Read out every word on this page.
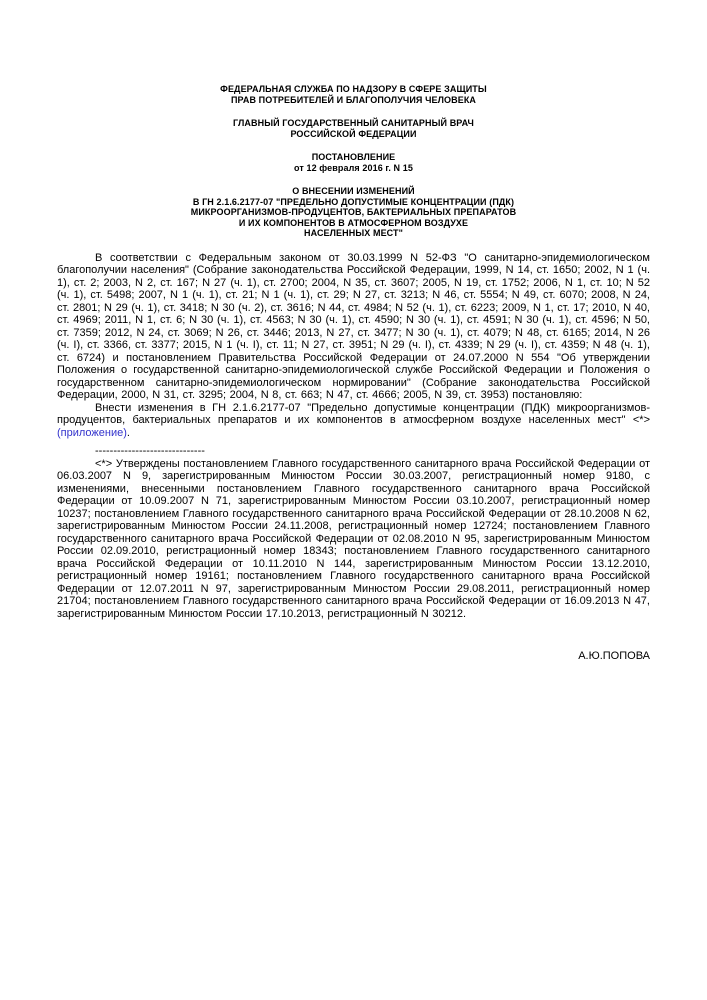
ФЕДЕРАЛЬНАЯ СЛУЖБА ПО НАДЗОРУ В СФЕРЕ ЗАЩИТЫ
ПРАВ ПОТРЕБИТЕЛЕЙ И БЛАГОПОЛУЧИЯ ЧЕЛОВЕКА
ГЛАВНЫЙ ГОСУДАРСТВЕННЫЙ САНИТАРНЫЙ ВРАЧ
РОССИЙСКОЙ ФЕДЕРАЦИИ
ПОСТАНОВЛЕНИЕ
от 12 февраля 2016 г. N 15
О ВНЕСЕНИИ ИЗМЕНЕНИЙ
В ГН 2.1.6.2177-07 "ПРЕДЕЛЬНО ДОПУСТИМЫЕ КОНЦЕНТРАЦИИ (ПДК)
МИКРООРГАНИЗМОВ-ПРОДУЦЕНТОВ, БАКТЕРИАЛЬНЫХ ПРЕПАРАТОВ
И ИХ КОМПОНЕНТОВ В АТМОСФЕРНОМ ВОЗДУХЕ
НАСЕЛЕННЫХ МЕСТ"

В соответствии с Федеральным законом от 30.03.1999 N 52-ФЗ "О санитарно-эпидемиологическом благополучии населения" (Собрание законодательства Российской Федерации, 1999, N 14, ст. 1650; 2002, N 1 (ч. 1), ст. 2; 2003, N 2, ст. 167; N 27 (ч. 1), ст. 2700; 2004, N 35, ст. 3607; 2005, N 19, ст. 1752; 2006, N 1, ст. 10; N 52 (ч. 1), ст. 5498; 2007, N 1 (ч. 1), ст. 21; N 1 (ч. 1), ст. 29; N 27, ст. 3213; N 46, ст. 5554; N 49, ст. 6070; 2008, N 24, ст. 2801; N 29 (ч. 1), ст. 3418; N 30 (ч. 2), ст. 3616; N 44, ст. 4984; N 52 (ч. 1), ст. 6223; 2009, N 1, ст. 17; 2010, N 40, ст. 4969; 2011, N 1, ст. 6; N 30 (ч. 1), ст. 4563; N 30 (ч. 1), ст. 4590; N 30 (ч. 1), ст. 4591; N 30 (ч. 1), ст. 4596; N 50, ст. 7359; 2012, N 24, ст. 3069; N 26, ст. 3446; 2013, N 27, ст. 3477; N 30 (ч. 1), ст. 4079; N 48, ст. 6165; 2014, N 26 (ч. I), ст. 3366, ст. 3377; 2015, N 1 (ч. I), ст. 11; N 27, ст. 3951; N 29 (ч. I), ст. 4339; N 29 (ч. I), ст. 4359; N 48 (ч. 1), ст. 6724) и постановлением Правительства Российской Федерации от 24.07.2000 N 554 "Об утверждении Положения о государственной санитарно-эпидемиологической службе Российской Федерации и Положения о государственном санитарно-эпидемиологическом нормировании" (Собрание законодательства Российской Федерации, 2000, N 31, ст. 3295; 2004, N 8, ст. 663; N 47, ст. 4666; 2005, N 39, ст. 3953) постановляю:

Внести изменения в ГН 2.1.6.2177-07 "Предельно допустимые концентрации (ПДК) микроорганизмов-продуцентов, бактериальных препаратов и их компонентов в атмосферном воздухе населенных мест" <*> (приложение).

------------------------------

<*> Утверждены постановлением Главного государственного санитарного врача Российской Федерации от 06.03.2007 N 9, зарегистрированным Минюстом России 30.03.2007, регистрационный номер 9180, с изменениями, внесенными постановлением Главного государственного санитарного врача Российской Федерации от 10.09.2007 N 71, зарегистрированным Минюстом России 03.10.2007, регистрационный номер 10237; постановлением Главного государственного санитарного врача Российской Федерации от 28.10.2008 N 62, зарегистрированным Минюстом России 24.11.2008, регистрационный номер 12724; постановлением Главного государственного санитарного врача Российской Федерации от 02.08.2010 N 95, зарегистрированным Минюстом России 02.09.2010, регистрационный номер 18343; постановлением Главного государственного санитарного врача Российской Федерации от 10.11.2010 N 144, зарегистрированным Минюстом России 13.12.2010, регистрационный номер 19161; постановлением Главного государственного санитарного врача Российской Федерации от 12.07.2011 N 97, зарегистрированным Минюстом России 29.08.2011, регистрационный номер 21704; постановлением Главного государственного санитарного врача Российской Федерации от 16.09.2013 N 47, зарегистрированным Минюстом России 17.10.2013, регистрационный N 30212.

А.Ю.ПОПОВА
